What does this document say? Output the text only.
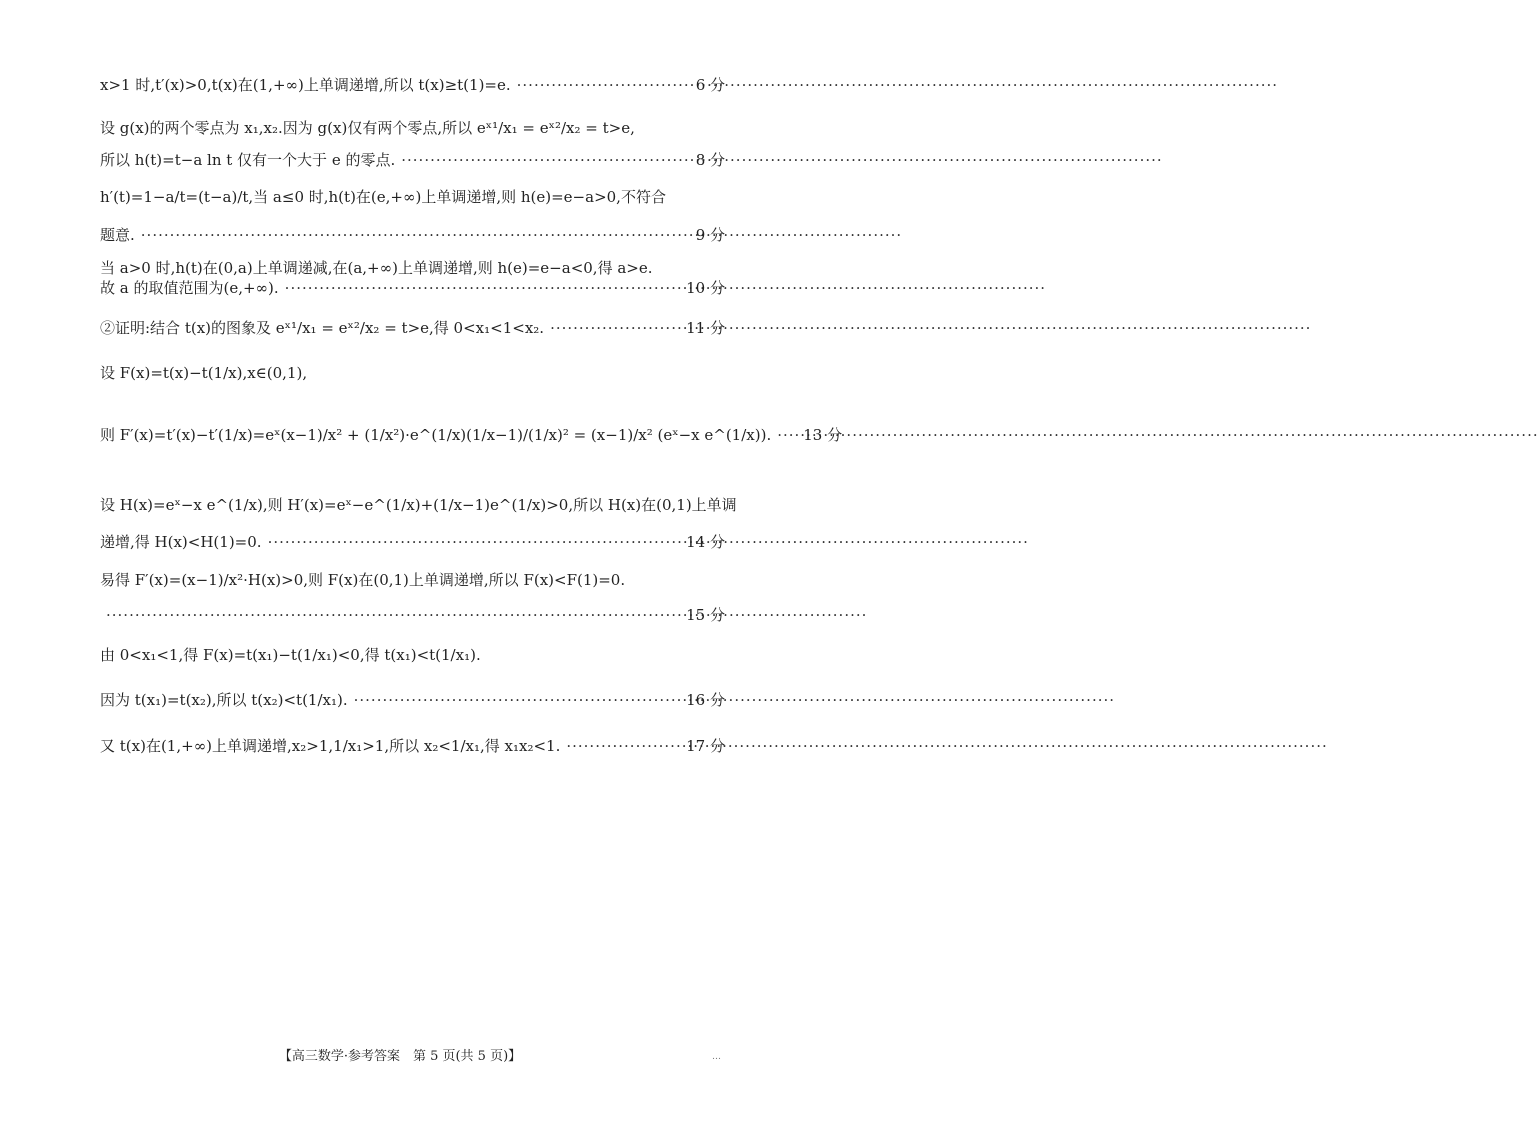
x>1 时,t′(x)>0,t(x)在(1,+∞)上单调递增,所以 t(x)≥t(1)=e. ·····	6 分
设 g(x)的两个零点为 x₁,x₂.因为 g(x)仅有两个零点,所以 eˣ¹/x₁ = eˣ²/x₂ = t>e,
所以 h(t)=t−a ln t 仅有一个大于 e 的零点. ·····	8 分
h′(t)=1−a/t=(t−a)/t,当 a≤0 时,h(t)在(e,+∞)上单调递增,则 h(e)=e−a>0,不符合
题意. ·····	9 分
当 a>0 时,h(t)在(0,a)上单调递减,在(a,+∞)上单调递增,则 h(e)=e−a<0,得 a>e.
故 a 的取值范围为(e,+∞). ·····	10 分
②证明:结合 t(x)的图象及 eˣ¹/x₁ = eˣ²/x₂ = t>e,得 0<x₁<1<x₂. ·····	11 分
设 F(x)=t(x)−t(1/x),x∈(0,1),
则 F′(x)=t′(x)−t′(1/x)=eˣ(x−1)/x² + (1/x²)·e^(1/x)(1/x−1)/(1/x)² = (x−1)/x² (eˣ−x e^(1/x)). ····· 13 分
设 H(x)=eˣ−x e^(1/x),则 H′(x)=eˣ−e^(1/x)+(1/x−1)e^(1/x)>0,所以 H(x)在(0,1)上单调
递增,得 H(x)<H(1)=0. ·····	14 分
易得 F′(x)=(x−1)/x²·H(x)>0,则 F(x)在(0,1)上单调递增,所以 F(x)<F(1)=0.
·····
15 分
由 0<x₁<1,得 F(x)=t(x₁)−t(1/x₁)<0,得 t(x₁)<t(1/x₁).
因为 t(x₁)=t(x₂),所以 t(x₂)<t(1/x₁). ·····	16 分
又 t(x)在(1,+∞)上单调递增,x₂>1,1/x₁>1,所以 x₂<1/x₁,得 x₁x₂<1. ·····	17 分
【高三数学·参考答案　第 5 页(共 5 页)】	…
